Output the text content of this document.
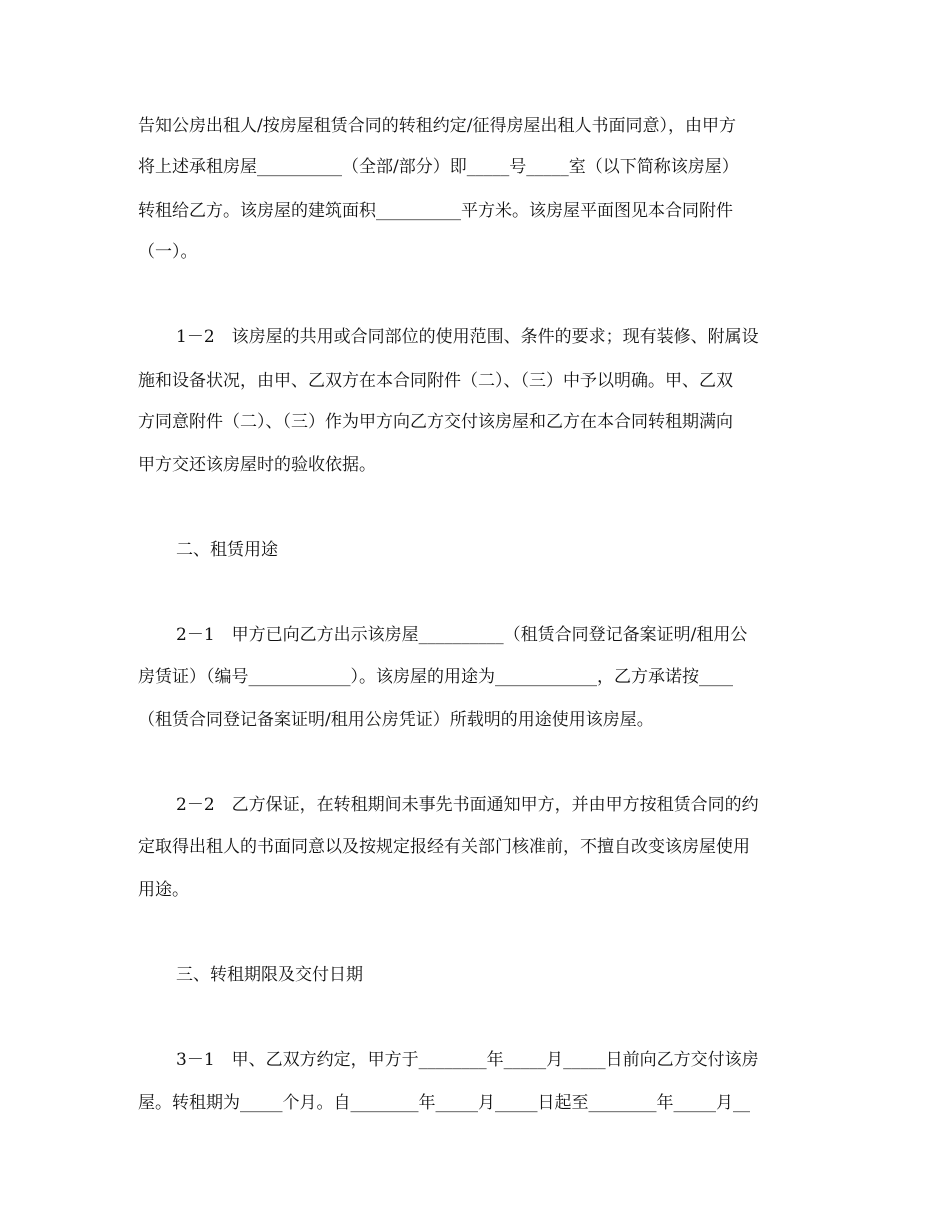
告知公房出租人/按房屋租赁合同的转租约定/征得房屋出租人书面同意），由甲方
将上述承租房屋__________（全部/部分）即_____号_____室（以下简称该房屋）
转租给乙方。该房屋的建筑面积__________平方米。该房屋平面图见本合同附件
（一）。
1－2　该房屋的共用或合同部位的使用范围、条件的要求；现有装修、附属设
施和设备状况，由甲、乙双方在本合同附件（二）、（三）中予以明确。甲、乙双
方同意附件（二）、（三）作为甲方向乙方交付该房屋和乙方在本合同转租期满向
甲方交还该房屋时的验收依据。
二、租赁用途
2－1　甲方已向乙方出示该房屋__________（租赁合同登记备案证明/租用公
房赁证）（编号____________）。该房屋的用途为____________，乙方承诺按____
（租赁合同登记备案证明/租用公房凭证）所载明的用途使用该房屋。
2－2　乙方保证，在转租期间未事先书面通知甲方，并由甲方按租赁合同的约
定取得出租人的书面同意以及按规定报经有关部门核准前，不擅自改变该房屋使用
用途。
三、转租期限及交付日期
3－1　甲、乙双方约定，甲方于________年_____月_____日前向乙方交付该房
屋。转租期为_____个月。自________年_____月_____日起至________年_____月__
